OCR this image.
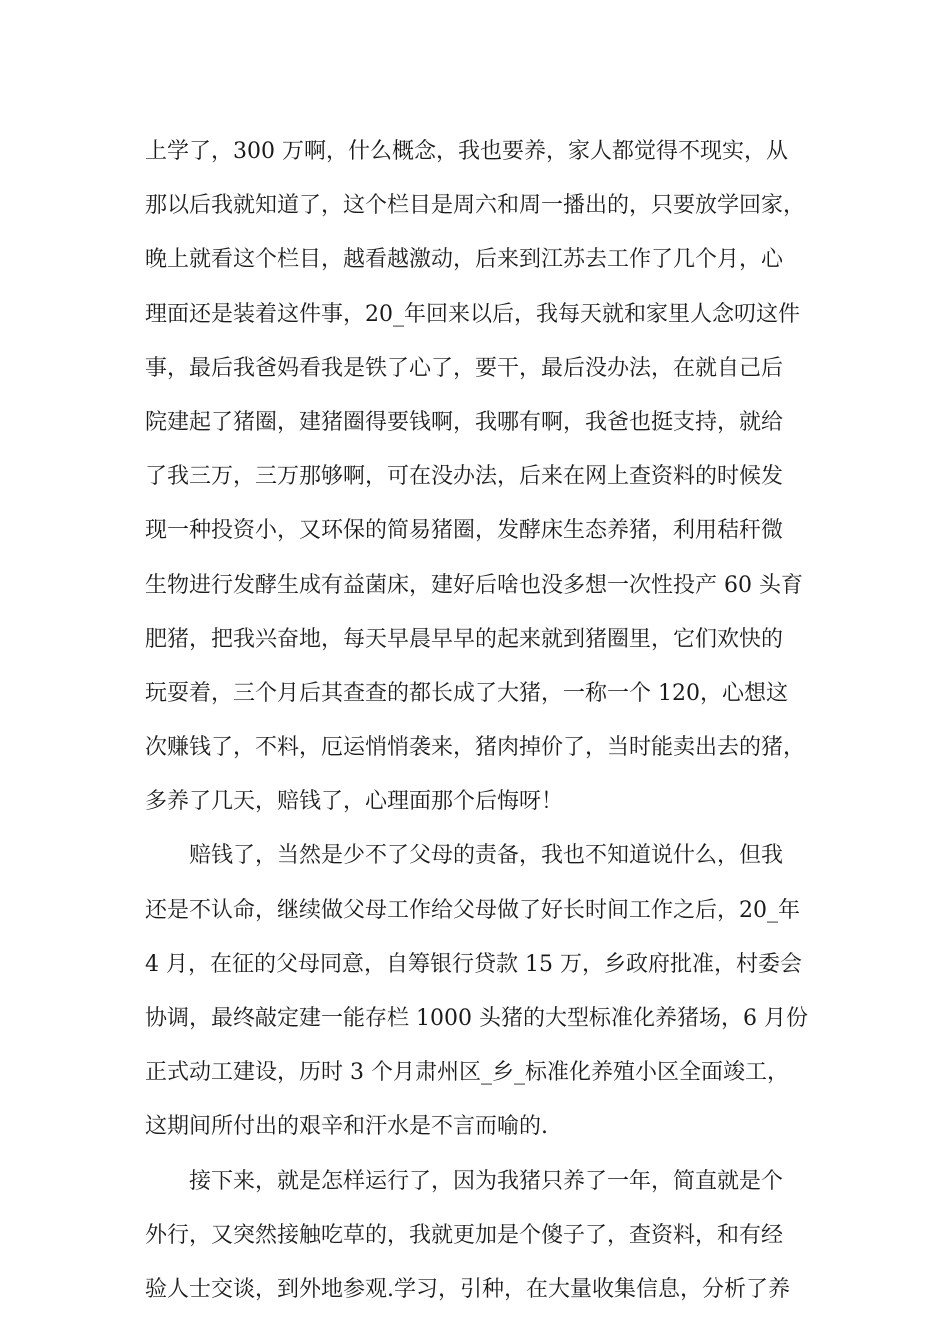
上学了，300 万啊，什么概念，我也要养，家人都觉得不现实，从
那以后我就知道了，这个栏目是周六和周一播出的，只要放学回家，
晚上就看这个栏目，越看越激动，后来到江苏去工作了几个月，心
理面还是装着这件事，20_年回来以后，我每天就和家里人念叨这件
事，最后我爸妈看我是铁了心了，要干，最后没办法，在就自己后
院建起了猪圈，建猪圈得要钱啊，我哪有啊，我爸也挺支持，就给
了我三万，三万那够啊，可在没办法，后来在网上查资料的时候发
现一种投资小，又环保的简易猪圈，发酵床生态养猪，利用秸秆微
生物进行发酵生成有益菌床，建好后啥也没多想一次性投产 60 头育
肥猪，把我兴奋地，每天早晨早早的起来就到猪圈里，它们欢快的
玩耍着，三个月后其查查的都长成了大猪，一称一个 120，心想这
次赚钱了，不料，厄运悄悄袭来，猪肉掉价了，当时能卖出去的猪，
多养了几天，赔钱了，心理面那个后悔呀！
赔钱了，当然是少不了父母的责备，我也不知道说什么，但我
还是不认命，继续做父母工作给父母做了好长时间工作之后，20_年
4 月，在征的父母同意，自筹银行贷款 15 万，乡政府批准，村委会
协调，最终敲定建一能存栏 1000 头猪的大型标准化养猪场，6 月份
正式动工建设，历时 3 个月肃州区_乡_标准化养殖小区全面竣工，
这期间所付出的艰辛和汗水是不言而喻的.
接下来，就是怎样运行了，因为我猪只养了一年，简直就是个
外行，又突然接触吃草的，我就更加是个傻子了，查资料，和有经
验人士交谈，到外地参观.学习，引种，在大量收集信息，分析了养
